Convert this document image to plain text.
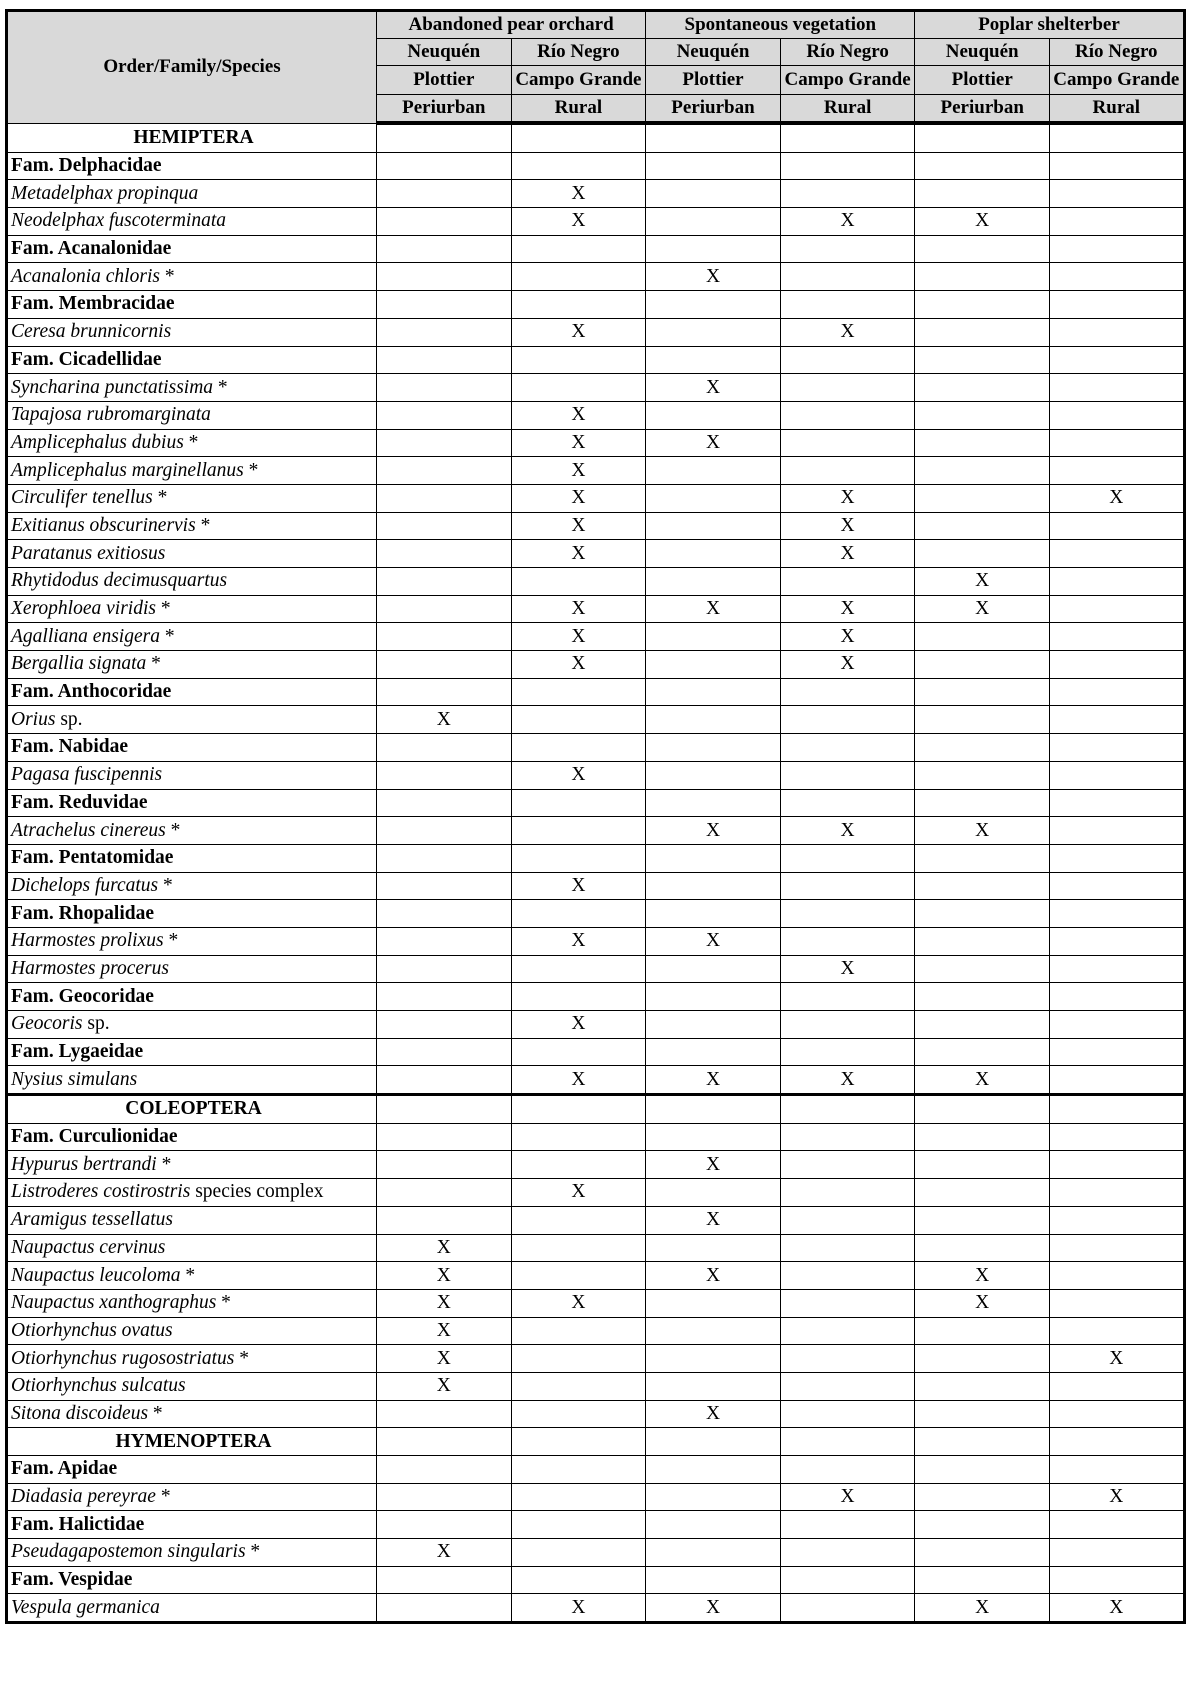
Order/Family/Species	Abandoned pear orchard		Spontaneous vegetation		Poplar shelterber	
	Neuquén	Río Negro	Neuquén	Río Negro	Neuquén	Río Negro
	Plottier	Campo Grande	Plottier	Campo Grande	Plottier	Campo Grande
	Periurban	Rural	Periurban	Rural	Periurban	Rural
HEMIPTERA						
Fam. Delphacidae						
Metadelphax propinqua		X				
Neodelphax fuscoterminata		X		X	X	
Fam. Acanalonidae						
Acanalonia chloris *			X			
Fam. Membracidae						
Ceresa brunnicornis		X		X		
Fam. Cicadellidae						
Syncharina punctatissima *			X			
Tapajosa rubromarginata		X				
Amplicephalus dubius *		X	X			
Amplicephalus marginellanus *		X				
Circulifer tenellus *		X		X		X
Exitianus obscurinervis *		X		X		
Paratanus exitiosus		X		X		
Rhytidodus decimusquartus					X	
Xerophloea viridis *		X	X	X	X	
Agalliana ensigera *		X		X		
Bergallia signata *		X		X		
Fam. Anthocoridae						
Orius sp.	X					
Fam. Nabidae						
Pagasa fuscipennis		X				
Fam. Reduvidae						
Atrachelus cinereus *			X	X	X	
Fam. Pentatomidae						
Dichelops furcatus *		X				
Fam. Rhopalidae						
Harmostes prolixus *		X	X			
Harmostes procerus				X		
Fam. Geocoridae						
Geocoris sp.		X				
Fam. Lygaeidae						
Nysius simulans		X	X	X	X	
COLEOPTERA						
Fam. Curculionidae						
Hypurus bertrandi *			X			
Listroderes costirostris species complex		X				
Aramigus tessellatus			X			
Naupactus cervinus	X					
Naupactus leucoloma *	X		X		X	
Naupactus xanthographus *	X	X			X	
Otiorhynchus ovatus	X					
Otiorhynchus rugosostriatus *	X					X
Otiorhynchus sulcatus	X					
Sitona discoideus *			X			
HYMENOPTERA						
Fam. Apidae						
Diadasia pereyrae *				X		X
Fam. Halictidae						
Pseudagapostemon singularis *	X					
Fam. Vespidae						
Vespula germanica		X	X		X	X
